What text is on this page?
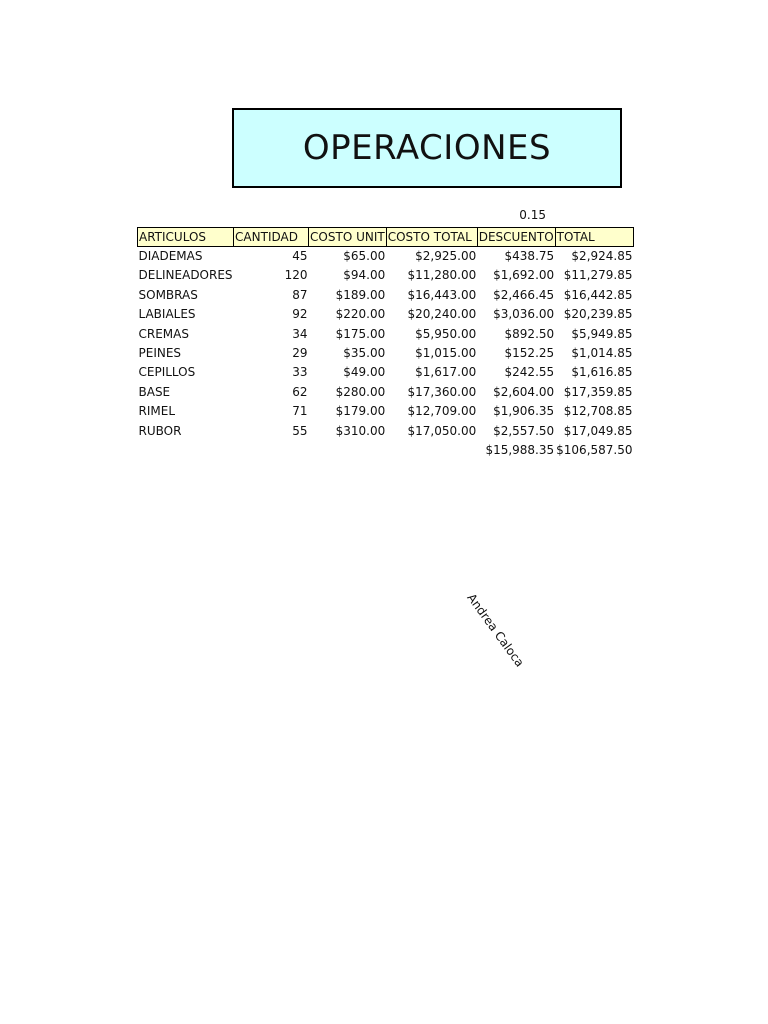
OPERACIONES
0.15
ARTICULOS	CANTIDAD	COSTO UNIT	COSTO TOTAL	DESCUENTO	TOTAL
DIADEMAS	45	$65.00	$2,925.00	$438.75	$2,924.85
DELINEADORES	120	$94.00	$11,280.00	$1,692.00	$11,279.85
SOMBRAS	87	$189.00	$16,443.00	$2,466.45	$16,442.85
LABIALES	92	$220.00	$20,240.00	$3,036.00	$20,239.85
CREMAS	34	$175.00	$5,950.00	$892.50	$5,949.85
PEINES	29	$35.00	$1,015.00	$152.25	$1,014.85
CEPILLOS	33	$49.00	$1,617.00	$242.55	$1,616.85
BASE	62	$280.00	$17,360.00	$2,604.00	$17,359.85
RIMEL	71	$179.00	$12,709.00	$1,906.35	$12,708.85
RUBOR	55	$310.00	$17,050.00	$2,557.50	$17,049.85
				$15,988.35	$106,587.50
Andrea Caloca
